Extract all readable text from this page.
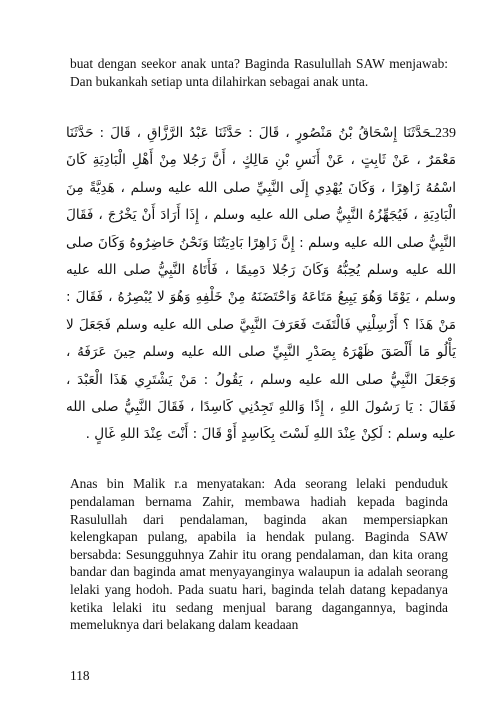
buat dengan seekor anak unta? Baginda Rasulullah SAW menjawab: Dan bukankah setiap unta dilahirkan sebagai anak unta.

239ـحَدَّثَنَا إِسْحَاقُ بْنُ مَنْصُورٍ ، قَالَ : حَدَّثَنَا عَبْدُ الرَّزَّاقِ ، قَالَ : حَدَّثَنَا مَعْمَرٌ ، عَنْ ثَابِتٍ ، عَنْ أَنَسِ بْنِ مَالِكٍ ، أَنَّ رَجُلا مِنْ أَهْلِ الْبَادِيَةِ كَانَ اسْمُهُ زَاهِرًا ، وَكَانَ يُهْدِي إِلَى النَّبِيِّ صلى الله عليه وسلم ، هَدِيَّةً مِنَ الْبَادِيَةِ ، فَيُجَهِّزُهُ النَّبِيُّ صلى الله عليه وسلم ، إِذَا أَرَادَ أَنْ يَخْرُجَ ، فَقَالَ النَّبِيُّ صلى الله عليه وسلم : إِنَّ زَاهِرًا بَادِيَتُنَا وَنَحْنُ حَاضِرُوهُ وَكَانَ صلى الله عليه وسلم يُحِبُّهُ وَكَانَ رَجُلا دَمِيمًا ، فَأَتَاهُ النَّبِيُّ صلى الله عليه وسلم ، يَوْمًا وَهُوَ يَبِيعُ مَتَاعَهُ وَاحْتَضَنَهُ مِنْ خَلْفِهِ وَهُوَ لا يُبْصِرُهُ ، فَقَالَ : مَنْ هَذَا ؟ أَرْسِلْنِي فَالْتَفَتَ فَعَرَفَ النَّبِيَّ صلى الله عليه وسلم فَجَعَلَ لا يَأْلُو مَا أَلْصَقَ ظَهْرَهُ بِصَدْرِ النَّبِيِّ صلى الله عليه وسلم حِينَ عَرَفَهُ ، وَجَعَلَ النَّبِيُّ صلى الله عليه وسلم ، يَقُولُ : مَنْ يَشْتَرِي هَذَا الْعَبْدَ ، فَقَالَ : يَا رَسُولَ اللهِ ، إِذًا وَاللهِ تَجِدُنِي كَاسِدًا ، فَقَالَ النَّبِيُّ صلى الله عليه وسلم : لَكِنْ عِنْدَ اللهِ لَسْتَ بِكَاسِدٍ أَوْ قَالَ : أَنْتَ عِنْدَ اللهِ غَالٍ .

Anas bin Malik r.a menyatakan: Ada seorang lelaki penduduk pendalaman bernama Zahir, membawa hadiah kepada baginda Rasulullah dari pendalaman, baginda akan mempersiapkan kelengkapan pulang, apabila ia hendak pulang. Baginda SAW bersabda: Sesungguhnya Zahir itu orang pendalaman, dan kita orang bandar dan baginda amat menyayanginya walaupun ia adalah seorang lelaki yang hodoh. Pada suatu hari, baginda telah datang kepadanya ketika lelaki itu sedang menjual barang dagangannya, baginda memeluknya dari belakang dalam keadaan

118
